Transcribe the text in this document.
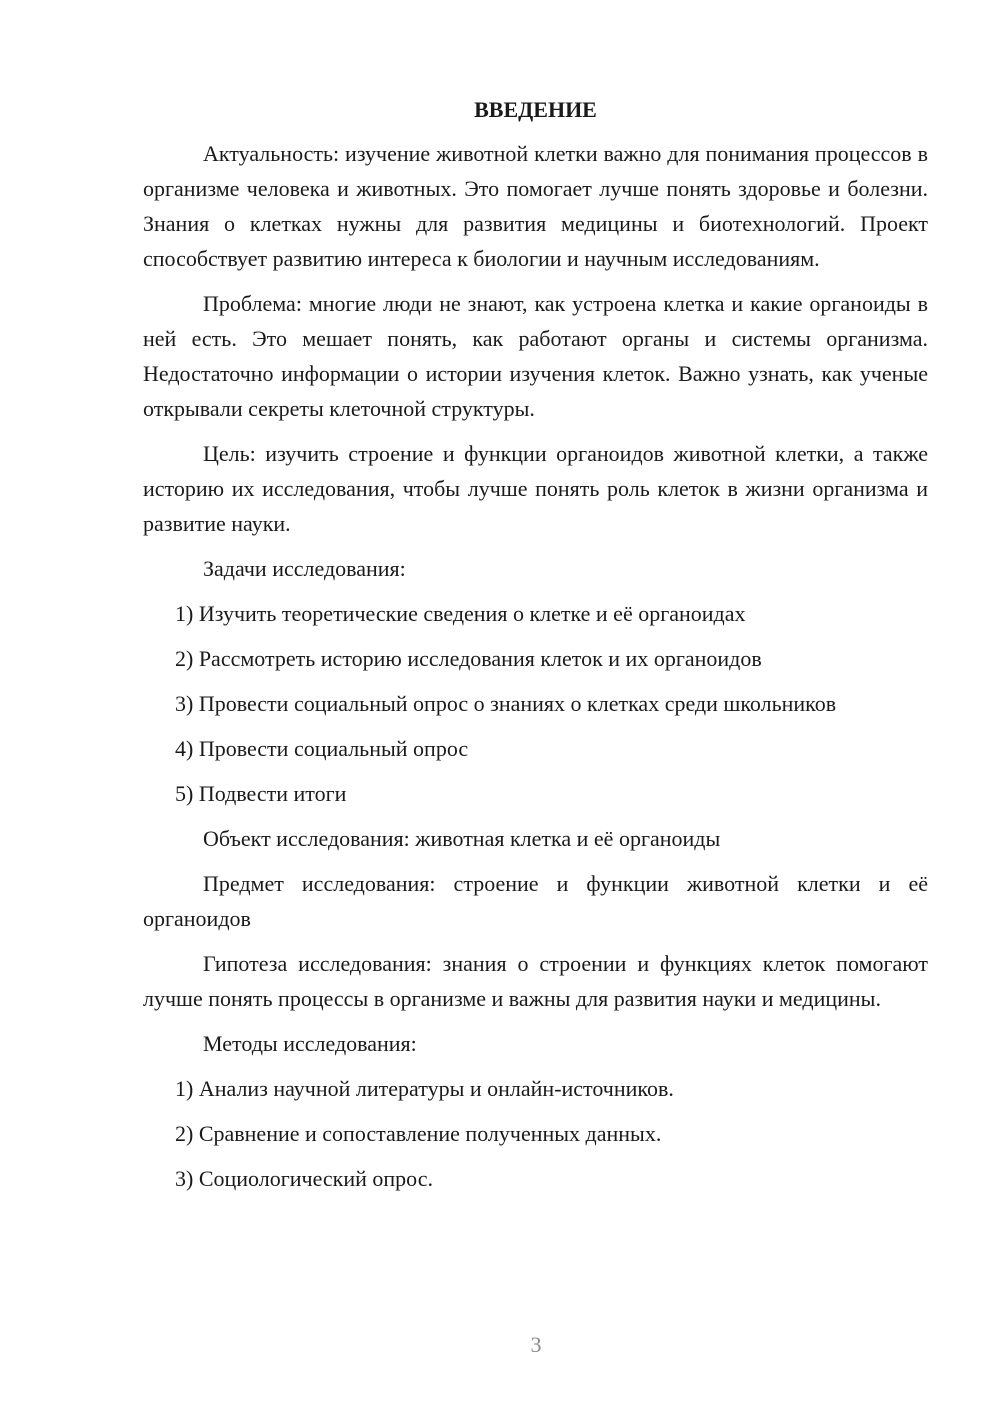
ВВЕДЕНИЕ
Актуальность: изучение животной клетки важно для понимания процессов в организме человека и животных. Это помогает лучше понять здоровье и болезни. Знания о клетках нужны для развития медицины и биотехнологий. Проект способствует развитию интереса к биологии и научным исследованиям.
Проблема: многие люди не знают, как устроена клетка и какие органоиды в ней есть. Это мешает понять, как работают органы и системы организма. Недостаточно информации о истории изучения клеток. Важно узнать, как ученые открывали секреты клеточной структуры.
Цель: изучить строение и функции органоидов животной клетки, а также историю их исследования, чтобы лучше понять роль клеток в жизни организма и развитие науки.
Задачи исследования:
1) Изучить теоретические сведения о клетке и её органоидах
2) Рассмотреть историю исследования клеток и их органоидов
3) Провести социальный опрос о знаниях о клетках среди школьников
4) Провести социальный опрос
5) Подвести итоги
Объект исследования: животная клетка и её органоиды
Предмет исследования: строение и функции животной клетки и её органоидов
Гипотеза исследования: знания о строении и функциях клеток помогают лучше понять процессы в организме и важны для развития науки и медицины.
Методы исследования:
1) Анализ научной литературы и онлайн-источников.
2) Сравнение и сопоставление полученных данных.
3) Социологический опрос.
3
